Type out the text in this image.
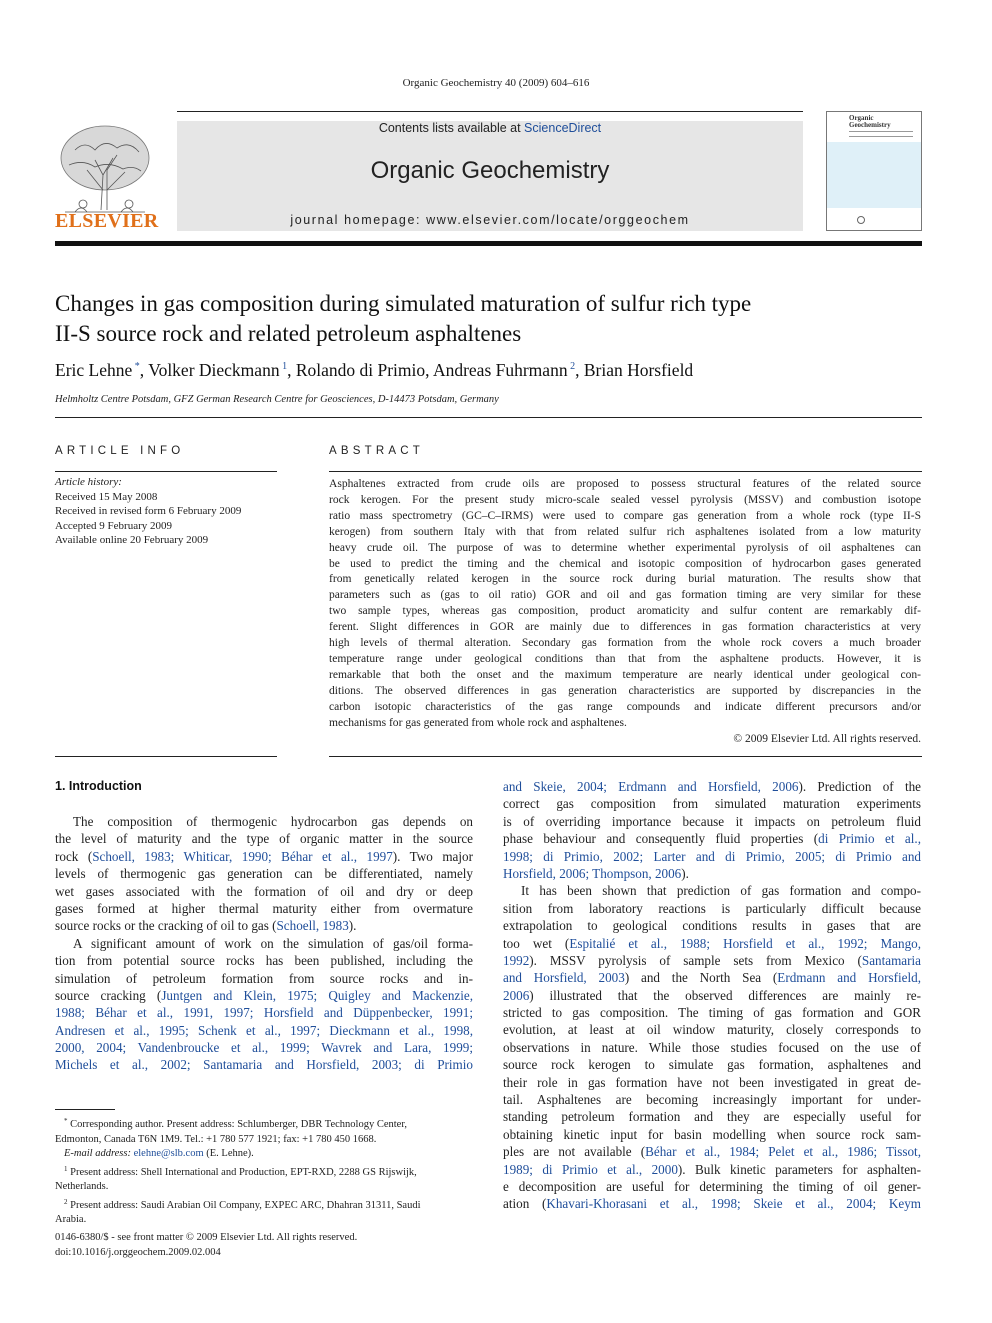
Organic Geochemistry 40 (2009) 604–616
ELSEVIER
Contents lists available at ScienceDirect
Organic Geochemistry
journal homepage: www.elsevier.com/locate/orggeochem
Organic
Geochemistry
Changes in gas composition during simulated maturation of sulfur rich type
II-S source rock and related petroleum asphaltenes
Eric Lehne *, Volker Dieckmann $^1$, Rolando di Primio, Andreas Fuhrmann $^2$, Brian Horsfield
Helmholtz Centre Potsdam, GFZ German Research Centre for Geosciences, D-14473 Potsdam, Germany
ARTICLE INFO
Article history:
Received 15 May 2008
Received in revised form 6 February 2009
Accepted 9 February 2009
Available online 20 February 2009
ABSTRACT
Asphaltenes extracted from crude oils are proposed to possess structural features of the related source
rock kerogen. For the present study micro-scale sealed vessel pyrolysis (MSSV) and combustion isotope
ratio mass spectrometry (GC–C–IRMS) were used to compare gas generation from a whole rock (type II-S
kerogen) from southern Italy with that from related sulfur rich asphaltenes isolated from a low maturity
heavy crude oil. The purpose of was to determine whether experimental pyrolysis of oil asphaltenes can
be used to predict the timing and the chemical and isotopic composition of hydrocarbon gases generated
from genetically related kerogen in the source rock during burial maturation. The results show that
parameters such as (gas to oil ratio) GOR and oil and gas formation timing are very similar for these
two sample types, whereas gas composition, product aromaticity and sulfur content are remarkably dif-
ferent. Slight differences in GOR are mainly due to differences in gas formation characteristics at very
high levels of thermal alteration. Secondary gas formation from the whole rock covers a much broader
temperature range under geological conditions than that from the asphaltene products. However, it is
remarkable that both the onset and the maximum temperature are nearly identical under geological con-
ditions. The observed differences in gas generation characteristics are supported by discrepancies in the
carbon isotopic characteristics of the gas range compounds and indicate different precursors and/or
mechanisms for gas generated from whole rock and asphaltenes.
© 2009 Elsevier Ltd. All rights reserved.
1. Introduction
The composition of thermogenic hydrocarbon gas depends on
the level of maturity and the type of organic matter in the source
rock (Schoell, 1983; Whiticar, 1990; Béhar et al., 1997). Two major
levels of thermogenic gas generation can be differentiated, namely
wet gases associated with the formation of oil and dry or deep
gases formed at higher thermal maturity either from overmature
source rocks or the cracking of oil to gas (Schoell, 1983).
A significant amount of work on the simulation of gas/oil forma-
tion from potential source rocks has been published, including the
simulation of petroleum formation from source rocks and in-
source cracking (Juntgen and Klein, 1975; Quigley and Mackenzie,
1988; Béhar et al., 1991, 1997; Horsfield and Düppenbecker, 1991;
Andresen et al., 1995; Schenk et al., 1997; Dieckmann et al., 1998,
2000, 2004; Vandenbroucke et al., 1999; Wavrek and Lara, 1999;
Michels et al., 2002; Santamaria and Horsfield, 2003; di Primio
and Skeie, 2004; Erdmann and Horsfield, 2006). Prediction of the
correct gas composition from simulated maturation experiments
is of overriding importance because it impacts on petroleum fluid
phase behaviour and consequently fluid properties (di Primio et al.,
1998; di Primio, 2002; Larter and di Primio, 2005; di Primio and
Horsfield, 2006; Thompson, 2006).
It has been shown that prediction of gas formation and compo-
sition from laboratory reactions is particularly difficult because
extrapolation to geological conditions results in gases that are
too wet (Espitalié et al., 1988; Horsfield et al., 1992; Mango,
1992). MSSV pyrolysis of sample sets from Mexico (Santamaria
and Horsfield, 2003) and the North Sea (Erdmann and Horsfield,
2006) illustrated that the observed differences are mainly re-
stricted to gas composition. The timing of gas formation and GOR
evolution, at least at oil window maturity, closely corresponds to
observations in nature. While those studies focused on the use of
source rock kerogen to simulate gas formation, asphaltenes and
their role in gas formation have not been investigated in great de-
tail. Asphaltenes are becoming increasingly important for under-
standing petroleum formation and they are especially useful for
obtaining kinetic input for basin modelling when source rock sam-
ples are not available (Béhar et al., 1984; Pelet et al., 1986; Tissot,
1989; di Primio et al., 2000). Bulk kinetic parameters for asphalten-
e decomposition are useful for determining the timing of oil gener-
ation (Khavari-Khorasani et al., 1998; Skeie et al., 2004; Keym
* Corresponding author. Present address: Schlumberger, DBR Technology Center,
Edmonton, Canada T6N 1M9. Tel.: +1 780 577 1921; fax: +1 780 450 1668.
E-mail address: elehne@slb.com (E. Lehne).
$^1$ Present address: Shell International and Production, EPT-RXD, 2288 GS Rijswijk,
Netherlands.
$^2$ Present address: Saudi Arabian Oil Company, EXPEC ARC, Dhahran 31311, Saudi
Arabia.
0146-6380/$ - see front matter © 2009 Elsevier Ltd. All rights reserved.
doi:10.1016/j.orggeochem.2009.02.004
